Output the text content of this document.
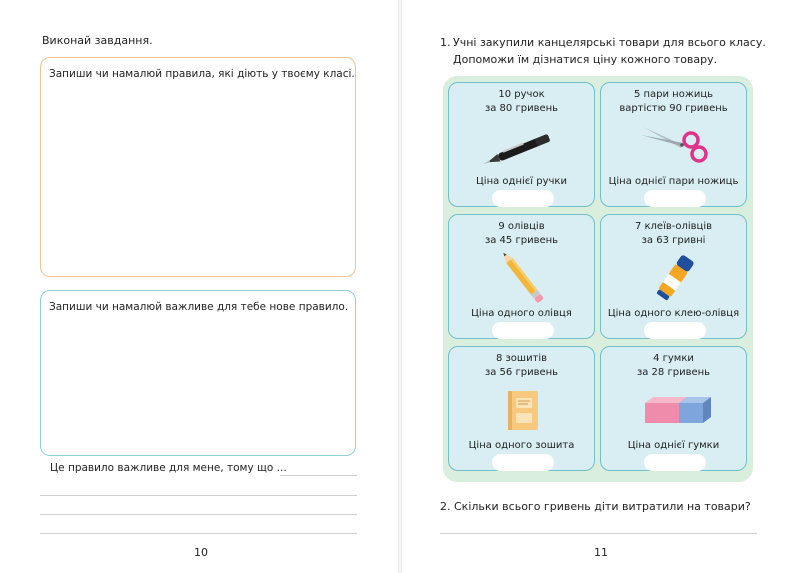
Виконай завдання.
Запиши чи намалюй правила, які діють у твоєму класі.
Запиши чи намалюй важливе для тебе нове правило.
Це правило важливе для мене, тому що ...
10
1. Учні закупили канцелярські товари для всього класу.
Допоможи їм дізнатися ціну кожного товару.
10 ручок
за 80 гривень
Ціна однієї ручки
5 пари ножиць
вартістю 90 гривень
Ціна однієї пари ножиць
9 олівців
за 45 гривень
Ціна одного олівця
7 клеїв-олівців
за 63 гривні
Ціна одного клею-олівця
8 зошитів
за 56 гривень
Ціна одного зошита
4 гумки
за 28 гривень
Ціна однієї гумки
2. Скільки всього гривень діти витратили на товари?
11
